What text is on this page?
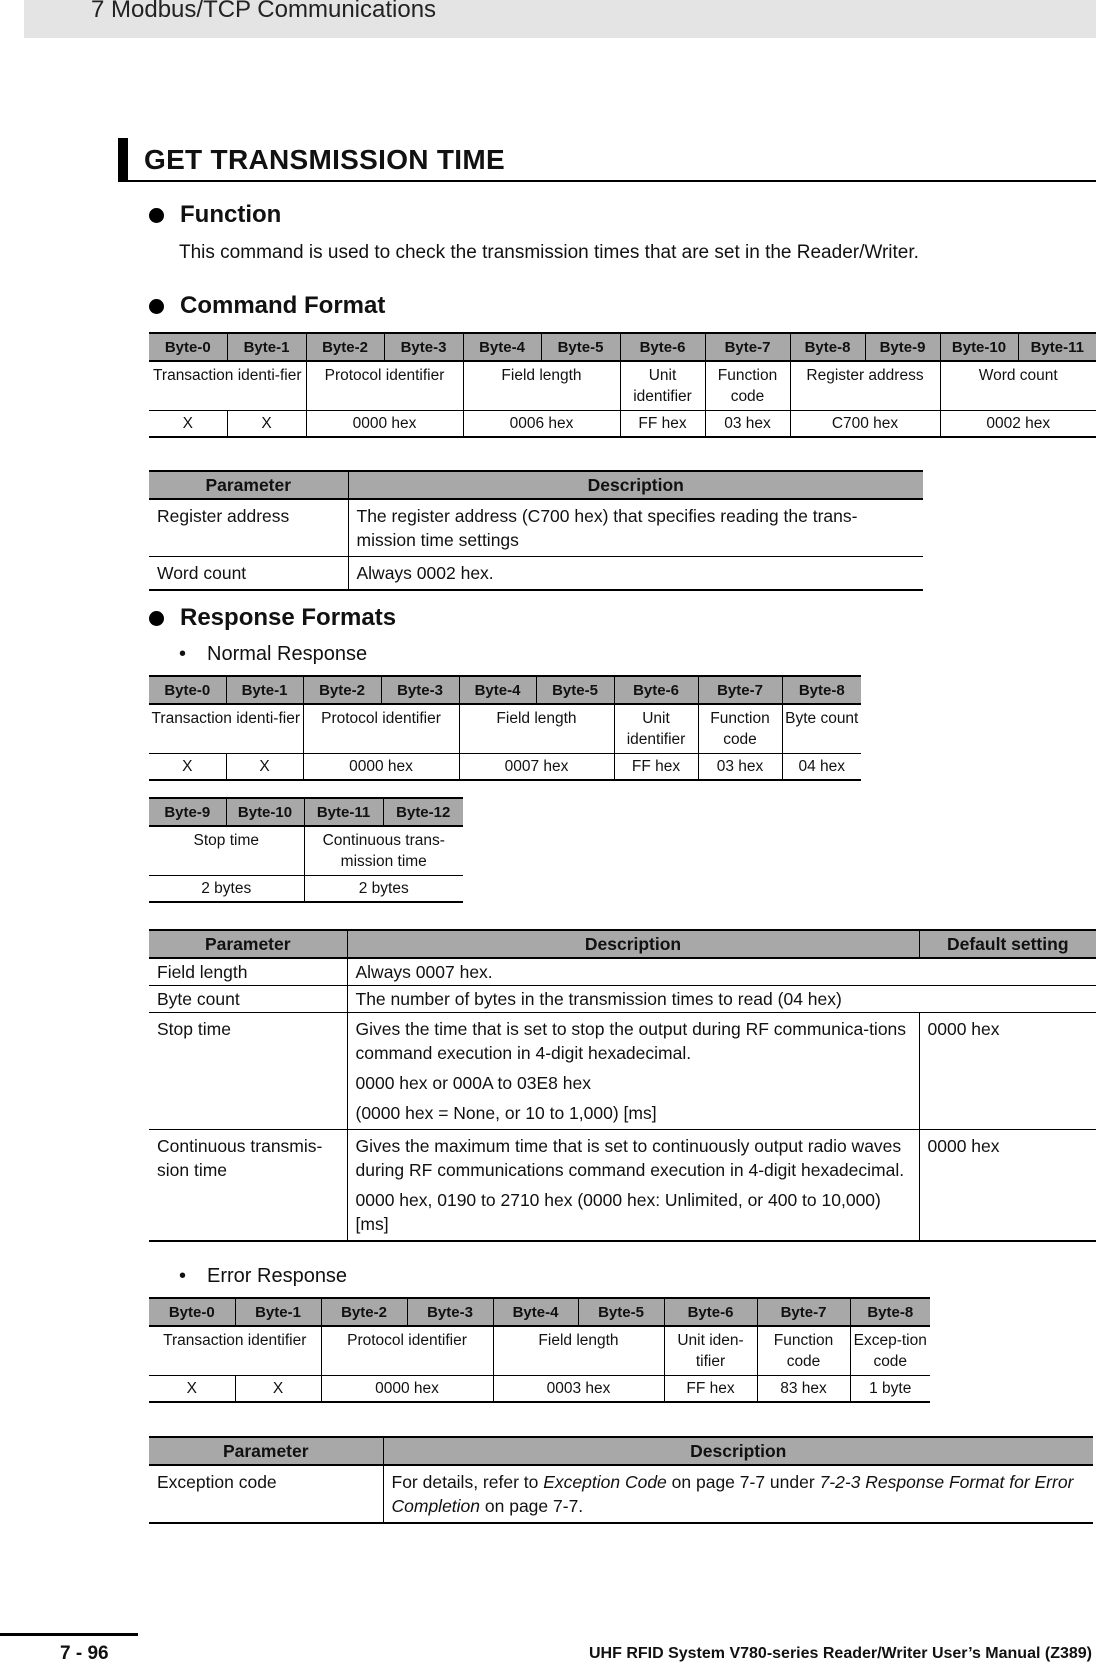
7 Modbus/TCP Communications
GET TRANSMISSION TIME
Function
This command is used to check the transmission times that are set in the Reader/Writer.
Command Format
Byte-0	Byte-1	Byte-2	Byte-3	Byte-4	Byte-5	Byte-6	Byte-7	Byte-8	Byte-9	Byte-10	Byte-11
Transaction identi-fier		Protocol identifier		Field length		Unit identifier	Function code	Register address		Word count	
X	X	0000 hex		0006 hex		FF hex	03 hex	C700 hex		0002 hex	
Parameter	Description
Register address	The register address (C700 hex) that specifies reading the trans-mission time settings
Word count	Always 0002 hex.
Response Formats
• Normal Response
Byte-0	Byte-1	Byte-2	Byte-3	Byte-4	Byte-5	Byte-6	Byte-7	Byte-8
Transaction identi-fier		Protocol identifier		Field length		Unit identifier	Function code	Byte count
X	X	0000 hex		0007 hex		FF hex	03 hex	04 hex
Byte-9	Byte-10	Byte-11	Byte-12
Stop time		Continuous trans-mission time	
2 bytes		2 bytes	
Parameter	Description	Default setting
Field length	Always 0007 hex.	
Byte count	The number of bytes in the transmission times to read (04 hex)	
Stop time	Gives the time that is set to stop the output during RF communica-tions command execution in 4-digit hexadecimal.

0000 hex or 000A to 03E8 hex

(0000 hex = None, or 10 to 1,000) [ms]	0000 hex
Continuous transmis-sion time	Gives the maximum time that is set to continuously output radio waves during RF communications command execution in 4-digit hexadecimal.

0000 hex, 0190 to 2710 hex (0000 hex: Unlimited, or 400 to 10,000) [ms]	0000 hex
• Error Response
Byte-0	Byte-1	Byte-2	Byte-3	Byte-4	Byte-5	Byte-6	Byte-7	Byte-8
Transaction identifier		Protocol identifier		Field length		Unit iden-tifier	Function code	Excep-tion code
X	X	0000 hex		0003 hex		FF hex	83 hex	1 byte
Parameter	Description
Exception code	For details, refer to Exception Code on page 7-7 under 7-2-3 Response Format for Error Completion on page 7-7.
7 - 96	UHF RFID System V780-series Reader/Writer User’s Manual (Z389)
